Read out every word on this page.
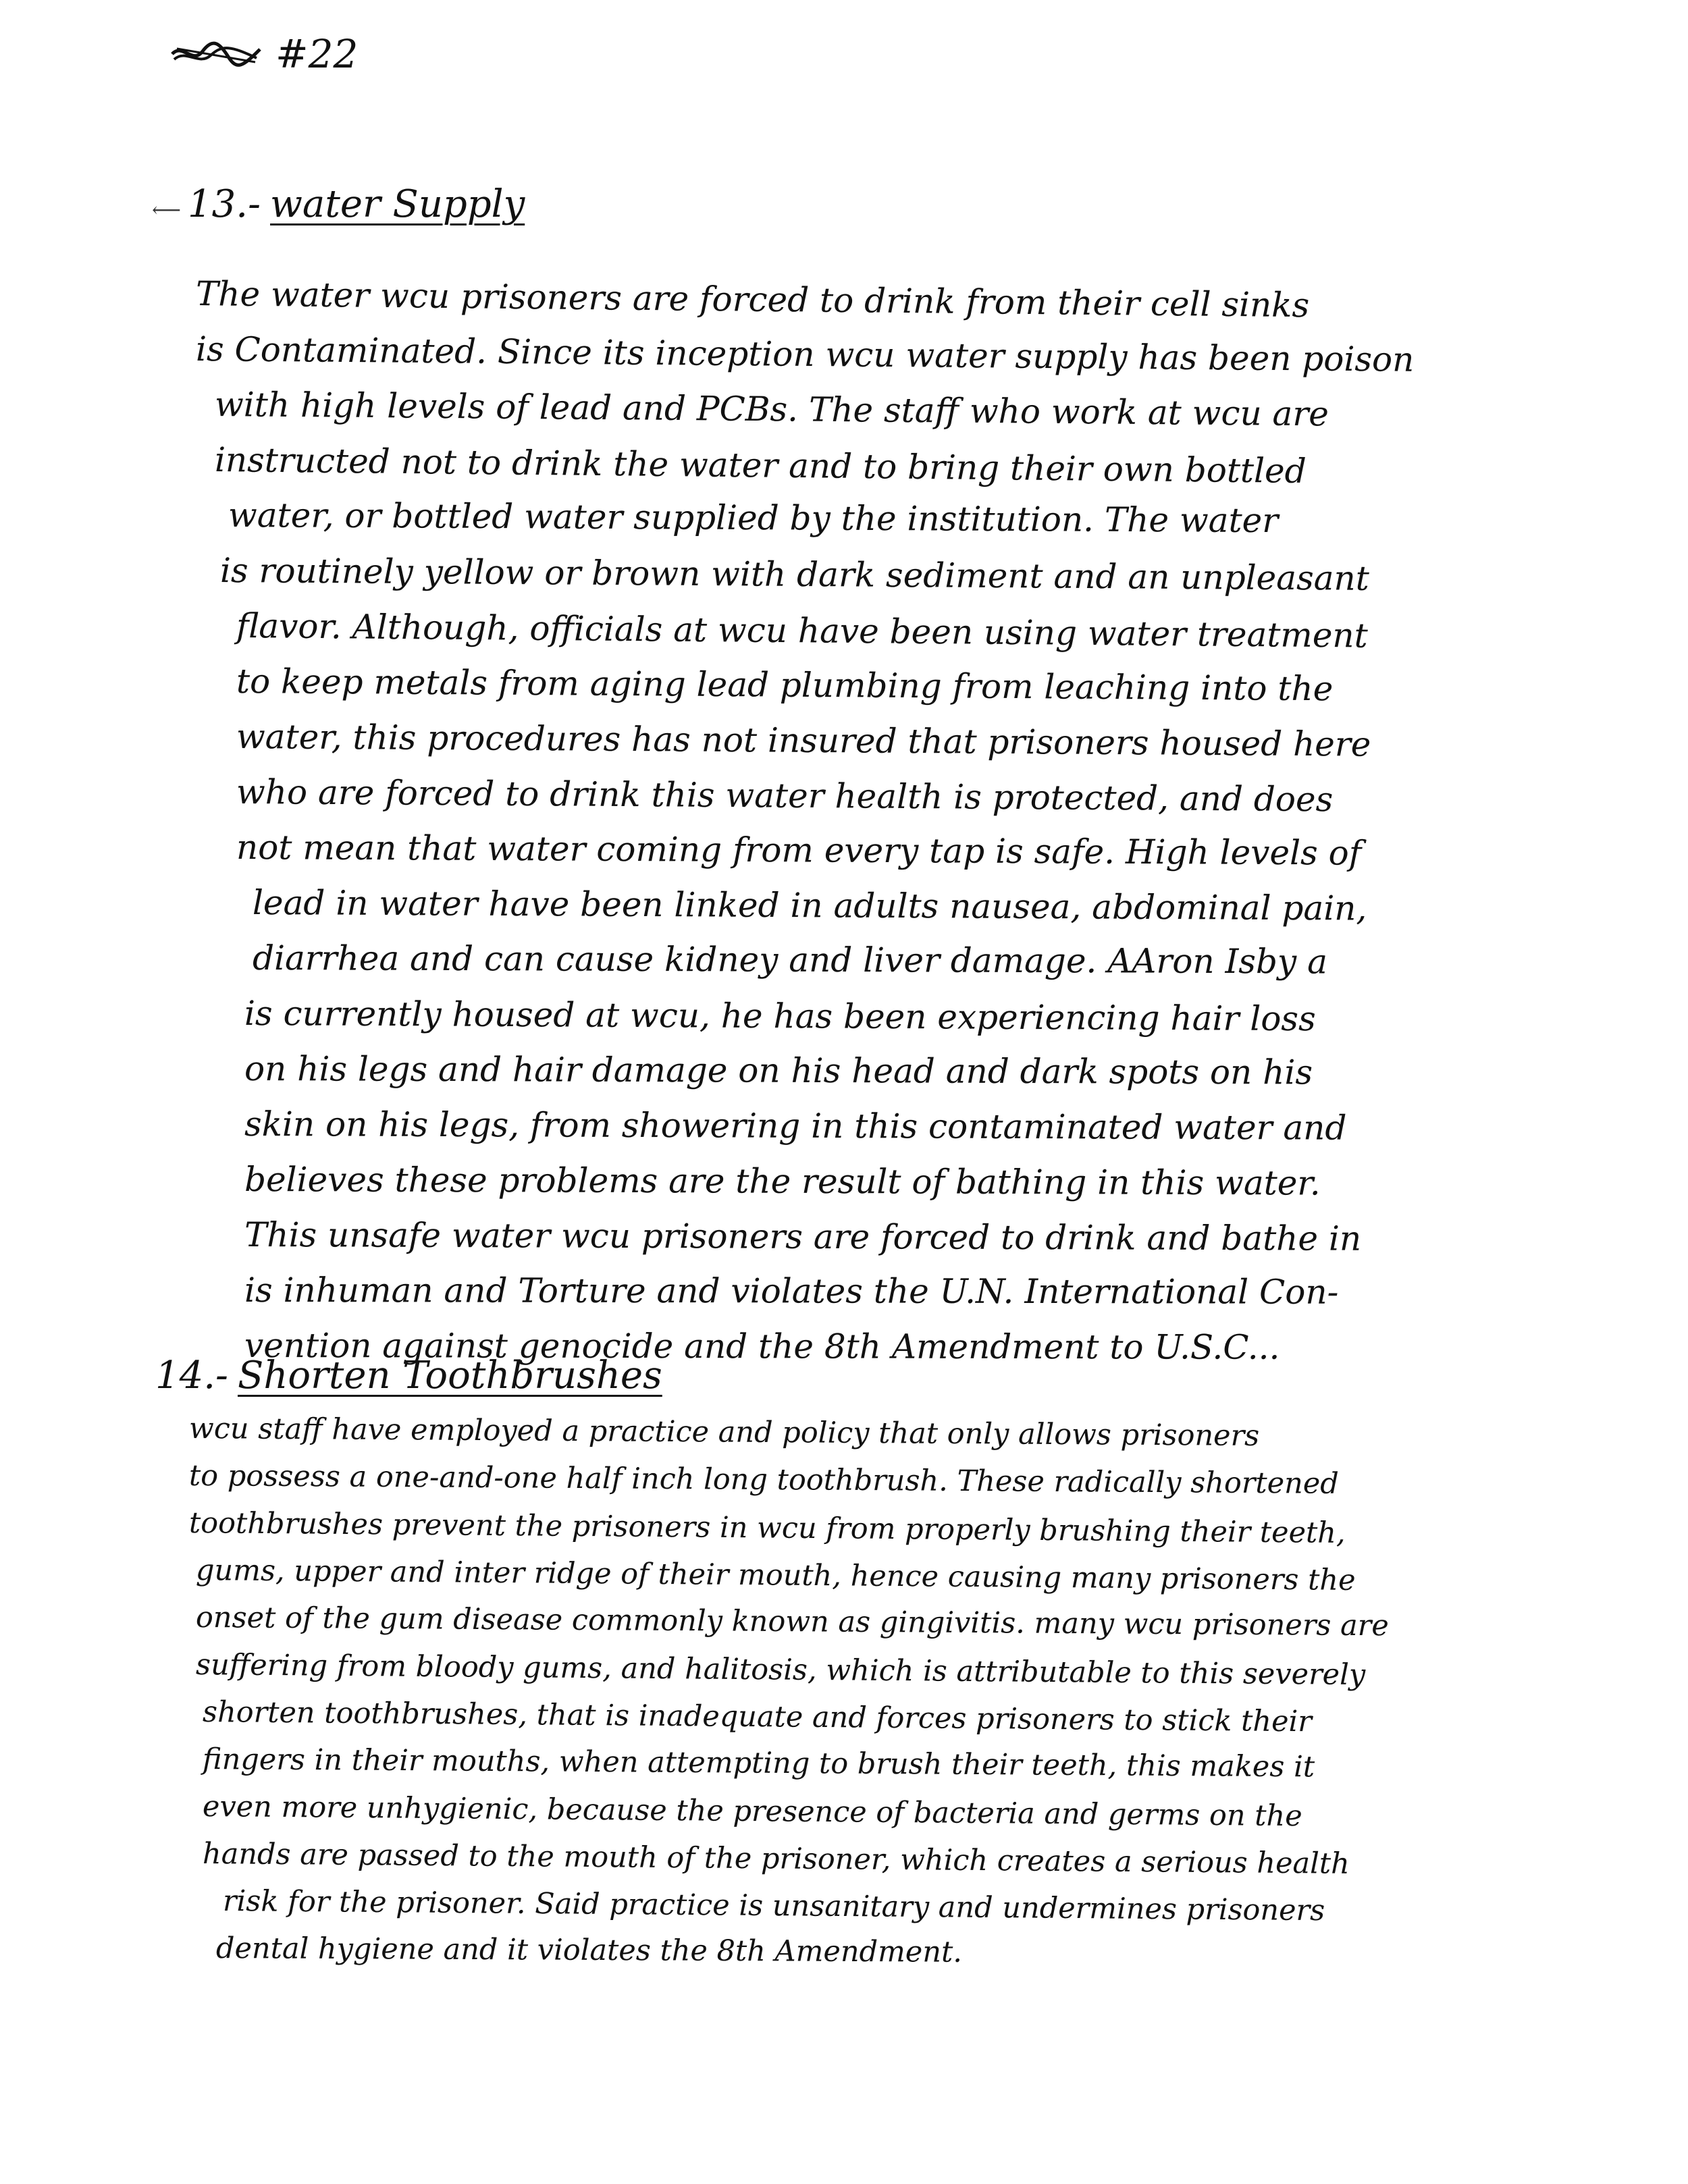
#22
⟵ 13.- water Supply
The water wcu prisoners are forced to drink from their cell sinks
is Contaminated. Since its inception wcu water supply has been poison
with high levels of lead and PCBs. The staff who work at wcu are
instructed not to drink the water and to bring their own bottled
water, or bottled water supplied by the institution. The water
is routinely yellow or brown with dark sediment and an unpleasant
flavor. Although, officials at wcu have been using water treatment
to keep metals from aging lead plumbing from leaching into the
water, this procedures has not insured that prisoners housed here
who are forced to drink this water health is protected, and does
not mean that water coming from every tap is safe. High levels of
lead in water have been linked in adults nausea, abdominal pain,
diarrhea and can cause kidney and liver damage. AAron Isby a
is currently housed at wcu, he has been experiencing hair loss
on his legs and hair damage on his head and dark spots on his
skin on his legs, from showering in this contaminated water and
believes these problems are the result of bathing in this water.
This unsafe water wcu prisoners are forced to drink and bathe in
is inhuman and Torture and violates the U.N. International Con-
vention against genocide and the 8th Amendment to U.S.C...
14.- Shorten Toothbrushes
wcu staff have employed a practice and policy that only allows prisoners
to possess a one-and-one half inch long toothbrush. These radically shortened
toothbrushes prevent the prisoners in wcu from properly brushing their teeth,
gums, upper and inter ridge of their mouth, hence causing many prisoners the
onset of the gum disease commonly known as gingivitis. many wcu prisoners are
suffering from bloody gums, and halitosis, which is attributable to this severely
shorten toothbrushes, that is inadequate and forces prisoners to stick their
fingers in their mouths, when attempting to brush their teeth, this makes it
even more unhygienic, because the presence of bacteria and germs on the
hands are passed to the mouth of the prisoner, which creates a serious health
risk for the prisoner. Said practice is unsanitary and undermines prisoners
dental hygiene and it violates the 8th Amendment.
